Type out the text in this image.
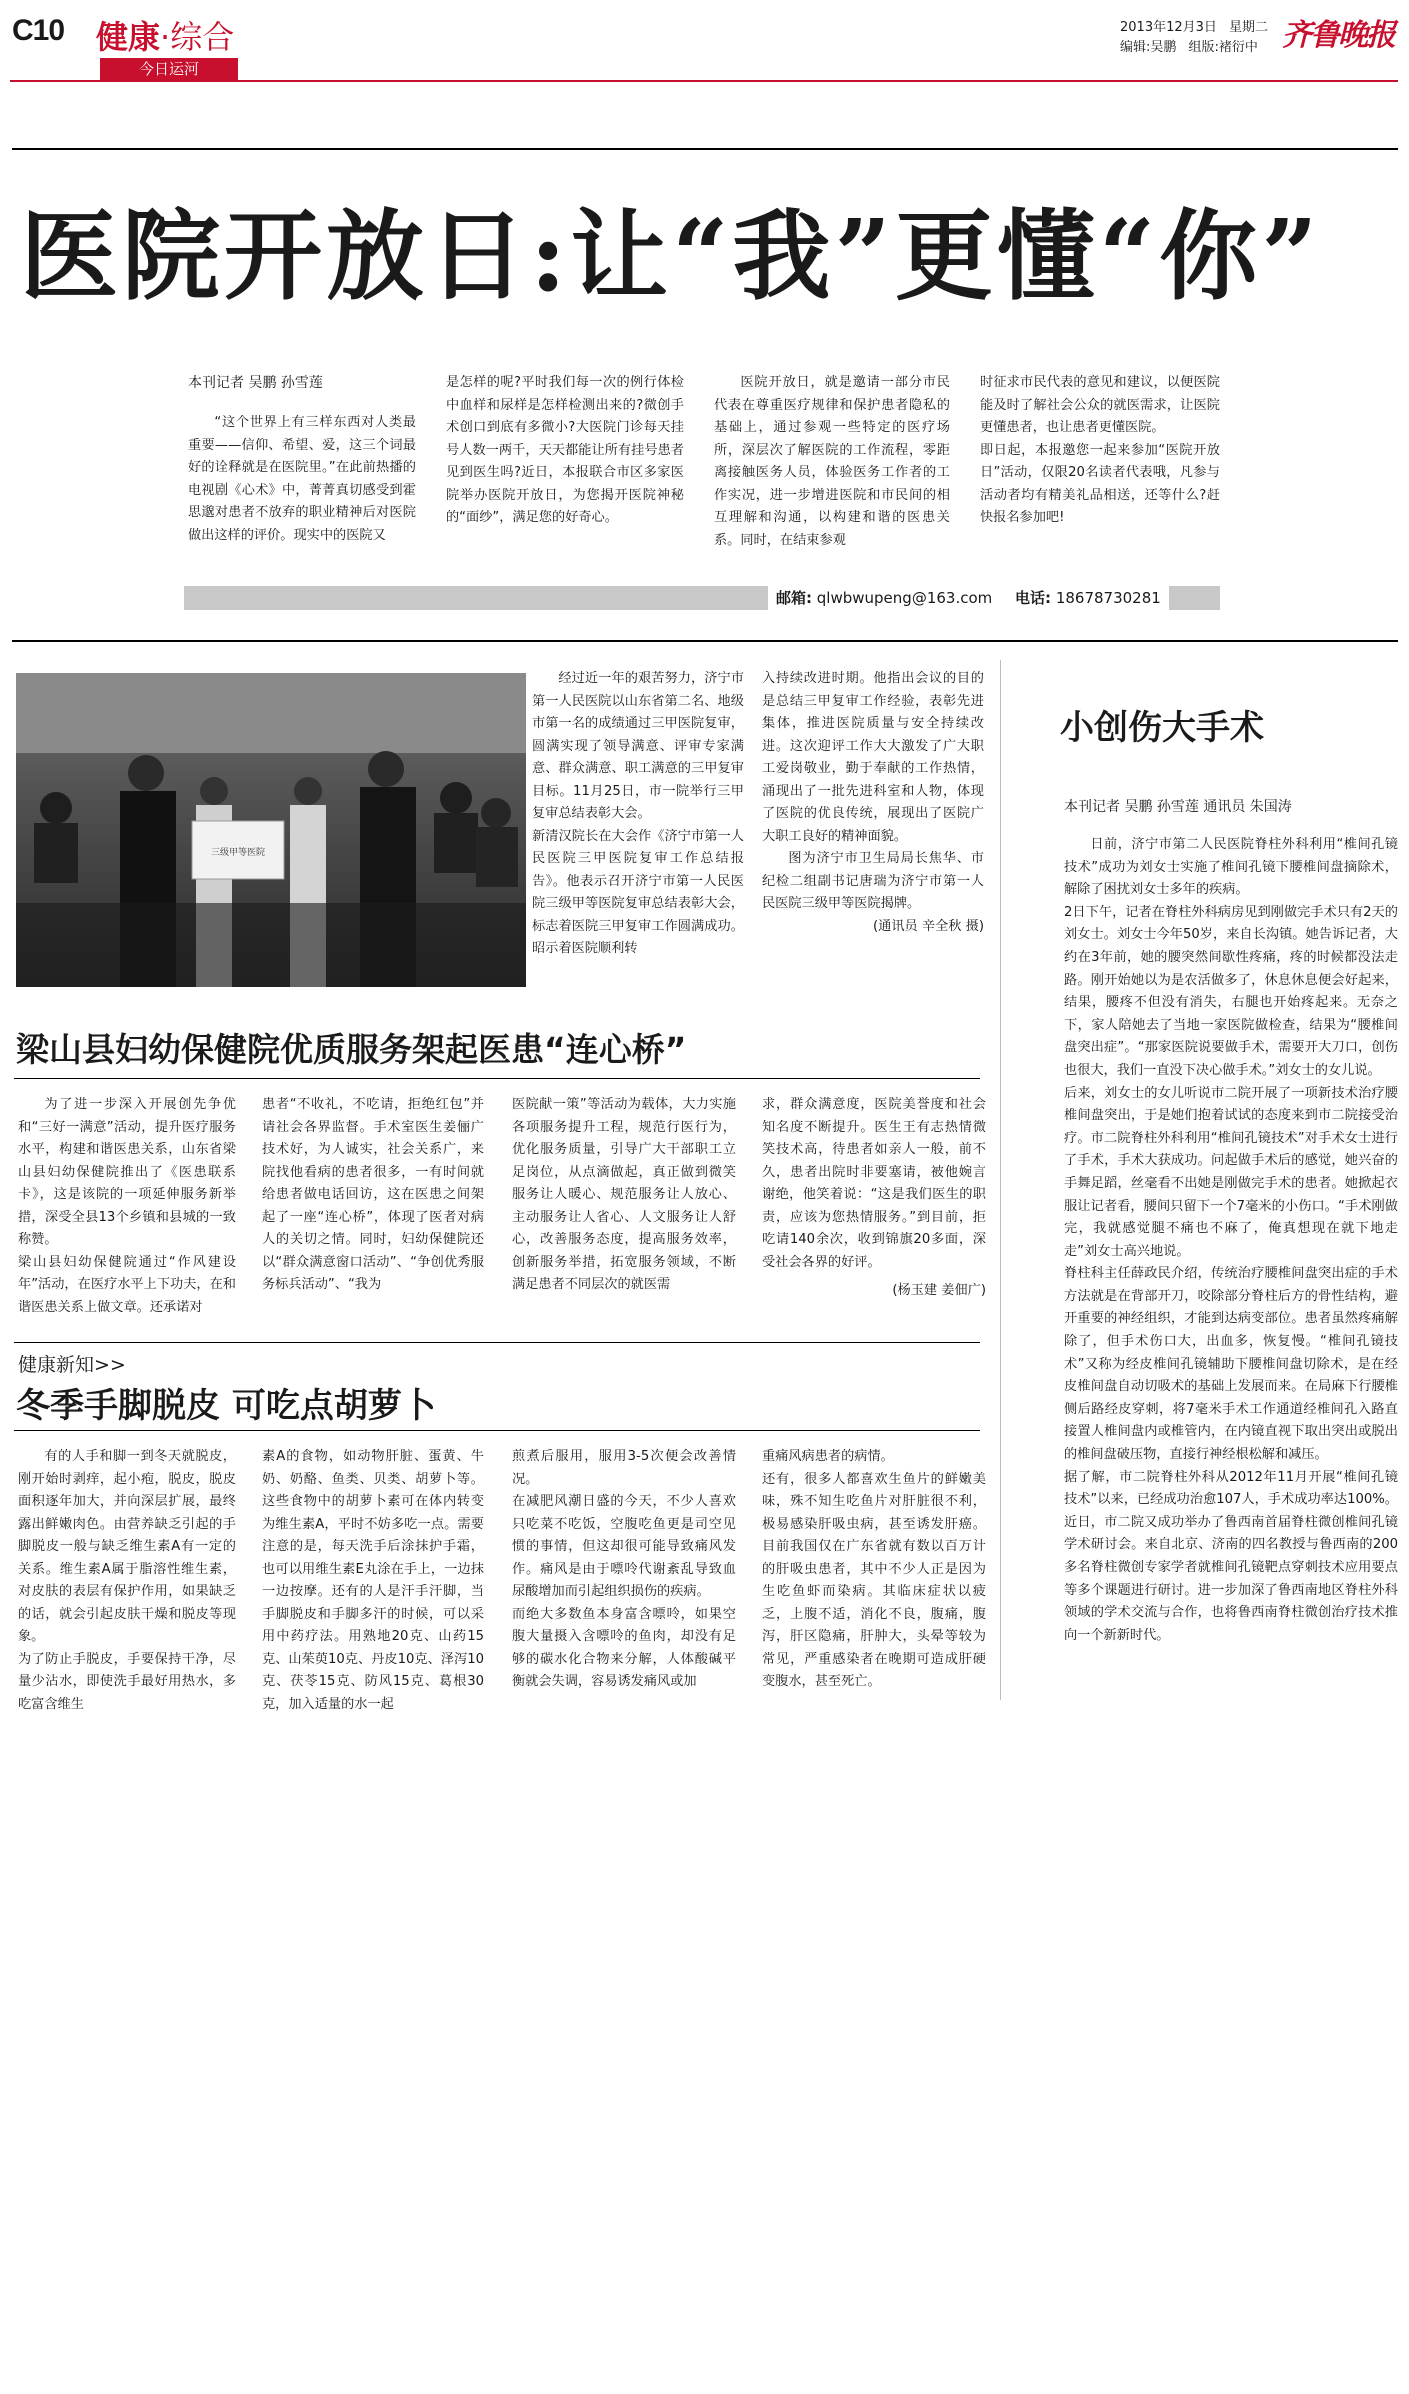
C10 健康·综合
今日运河
2013年12月3日 星期二
编辑:吴鹏 组版:褚衍中 齐鲁晚报
医院开放日:让“我”更懂“你”
本刊记者 吴鹏 孙雪莲
“这个世界上有三样东西对人类最重要——信仰、希望、爱，这三个词最好的诠释就是在医院里。”在此前热播的电视剧《心术》中，菁菁真切感受到霍思邈对患者不放弃的职业精神后对医院做出这样的评价。现实中的医院又
是怎样的呢?平时我们每一次的例行体检中血样和尿样是怎样检测出来的?微创手术创口到底有多微小?大医院门诊每天挂号人数一两千，天天都能让所有挂号患者见到医生吗?近日，本报联合市区多家医院举办医院开放日，为您揭开医院神秘的“面纱”，满足您的好奇心。
医院开放日，就是邀请一部分市民代表在尊重医疗规律和保护患者隐私的基础上，通过参观一些特定的医疗场所，深层次了解医院的工作流程，零距离接触医务人员，体验医务工作者的工作实况，进一步增进医院和市民间的相互理解和沟通，以构建和谐的医患关系。同时，在结束参观
时征求市民代表的意见和建议，以便医院能及时了解社会公众的就医需求，让医院更懂患者，也让患者更懂医院。
即日起，本报邀您一起来参加“医院开放日”活动，仅限20名读者代表哦，凡参与活动者均有精美礼品相送，还等什么?赶快报名参加吧!
邮箱: qlwbwupeng@163.com 电话: 18678730281
三级甲等医院
经过近一年的艰苦努力，济宁市第一人民医院以山东省第二名、地级市第一名的成绩通过三甲医院复审，圆满实现了领导满意、评审专家满意、群众满意、职工满意的三甲复审目标。11月25日，市一院举行三甲复审总结表彰大会。
新清汉院长在大会作《济宁市第一人民医院三甲医院复审工作总结报告》。他表示召开济宁市第一人民医院三级甲等医院复审总结表彰大会，标志着医院三甲复审工作圆满成功。昭示着医院顺利转

入持续改进时期。他指出会议的目的是总结三甲复审工作经验，表彰先进集体，推进医院质量与安全持续改进。这次迎评工作大大激发了广大职工爱岗敬业，勤于奉献的工作热情，涌现出了一批先进科室和人物，体现了医院的优良传统，展现出了医院广大职工良好的精神面貌。

图为济宁市卫生局局长焦华、市纪检二组副书记唐瑞为济宁市第一人民医院三级甲等医院揭牌。

(通讯员 辛全秋 摄)

梁山县妇幼保健院优质服务架起医患“连心桥”
为了进一步深入开展创先争优和“三好一满意”活动，提升医疗服务水平，构建和谐医患关系，山东省梁山县妇幼保健院推出了《医患联系卡》，这是该院的一项延伸服务新举措，深受全县13个乡镇和县城的一致称赞。
梁山县妇幼保健院通过“作风建设年”活动，在医疗水平上下功夫，在和谐医患关系上做文章。还承诺对
患者“不收礼，不吃请，拒绝红包”并请社会各界监督。手术室医生姜俪广技术好，为人诚实，社会关系广，来院找他看病的患者很多，一有时间就给患者做电话回访，这在医患之间架起了一座“连心桥”，体现了医者对病人的关切之情。同时，妇幼保健院还以“群众满意窗口活动”、“争创优秀服务标兵活动”、“我为
医院献一策”等活动为载体，大力实施各项服务提升工程，规范行医行为，优化服务质量，引导广大干部职工立足岗位，从点滴做起，真正做到微笑服务让人暖心、规范服务让人放心、主动服务让人省心、人文服务让人舒心，改善服务态度，提高服务效率，创新服务举措，拓宽服务领域，不断满足患者不同层次的就医需

求，群众满意度，医院美誉度和社会知名度不断提升。医生王有志热情微笑技术高，待患者如亲人一般，前不久，患者出院时非要塞请，被他婉言谢绝，他笑着说：“这是我们医生的职责，应该为您热情服务。”到目前，拒吃请140余次，收到锦旗20多面，深受社会各界的好评。

(杨玉建 姜佃广)

健康新知>>
冬季手脚脱皮 可吃点胡萝卜
有的人手和脚一到冬天就脱皮，刚开始时剥痒，起小疱，脱皮，脱皮面积逐年加大，并向深层扩展，最终露出鲜嫩肉色。由营养缺乏引起的手脚脱皮一般与缺乏维生素A有一定的关系。维生素A属于脂溶性维生素，对皮肤的表层有保护作用，如果缺乏的话，就会引起皮肤干燥和脱皮等现象。
为了防止手脱皮，手要保持干净，尽量少沾水，即使洗手最好用热水，多吃富含维生
素A的食物，如动物肝脏、蛋黄、牛奶、奶酪、鱼类、贝类、胡萝卜等。这些食物中的胡萝卜素可在体内转变为维生素A，平时不妨多吃一点。需要注意的是，每天洗手后涂抹护手霜，也可以用维生素E丸涂在手上，一边抹一边按摩。还有的人是汗手汗脚，当手脚脱皮和手脚多汗的时候，可以采用中药疗法。用熟地20克、山药15克、山茱萸10克、丹皮10克、泽泻10克、茯苓15克、防风15克、葛根30克，加入适量的水一起
煎煮后服用，服用3-5次便会改善情况。
在减肥风潮日盛的今天，不少人喜欢只吃菜不吃饭，空腹吃鱼更是司空见惯的事情，但这却很可能导致痛风发作。痛风是由于嘌呤代谢紊乱导致血尿酸增加而引起组织损伤的疾病。
而绝大多数鱼本身富含嘌呤，如果空腹大量摄入含嘌呤的鱼肉，却没有足够的碳水化合物来分解，人体酸碱平衡就会失调，容易诱发痛风或加
重痛风病患者的病情。
还有，很多人都喜欢生鱼片的鲜嫩美味，殊不知生吃鱼片对肝脏很不利，极易感染肝吸虫病，甚至诱发肝癌。目前我国仅在广东省就有数以百万计的肝吸虫患者，其中不少人正是因为生吃鱼虾而染病。其临床症状以疲乏，上腹不适，消化不良，腹痛，腹泻，肝区隐痛，肝肿大，头晕等较为常见，严重感染者在晚期可造成肝硬变腹水，甚至死亡。
小创伤大手术
本刊记者 吴鹏 孙雪莲 通讯员 朱国涛
日前，济宁市第二人民医院脊柱外科利用“椎间孔镜技术”成功为刘女士实施了椎间孔镜下腰椎间盘摘除术，解除了困扰刘女士多年的疾病。
2日下午，记者在脊柱外科病房见到刚做完手术只有2天的刘女士。刘女士今年50岁，来自长沟镇。她告诉记者，大约在3年前，她的腰突然间歇性疼痛，疼的时候都没法走路。刚开始她以为是农活做多了，休息休息便会好起来，结果，腰疼不但没有消失，右腿也开始疼起来。无奈之下，家人陪她去了当地一家医院做检查，结果为“腰椎间盘突出症”。“那家医院说要做手术，需要开大刀口，创伤也很大，我们一直没下决心做手术。”刘女士的女儿说。
后来，刘女士的女儿听说市二院开展了一项新技术治疗腰椎间盘突出，于是她们抱着试试的态度来到市二院接受治疗。市二院脊柱外科利用“椎间孔镜技术”对手术女士进行了手术，手术大获成功。问起做手术后的感觉，她兴奋的手舞足蹈，丝毫看不出她是刚做完手术的患者。她掀起衣服让记者看，腰间只留下一个7毫米的小伤口。“手术刚做完，我就感觉腿不痛也不麻了，俺真想现在就下地走走”刘女士高兴地说。
脊柱科主任薛政民介绍，传统治疗腰椎间盘突出症的手术方法就是在背部开刀，咬除部分脊柱后方的骨性结构，避开重要的神经组织，才能到达病变部位。患者虽然疼痛解除了，但手术伤口大，出血多，恢复慢。“椎间孔镜技术”又称为经皮椎间孔镜辅助下腰椎间盘切除术，是在经皮椎间盘自动切吸术的基础上发展而来。在局麻下行腰椎侧后路经皮穿刺，将7毫米手术工作通道经椎间孔入路直接置人椎间盘内或椎管内，在内镜直视下取出突出或脱出的椎间盘破压物，直接行神经根松解和减压。
据了解，市二院脊柱外科从2012年11月开展“椎间孔镜技术”以来，已经成功治愈107人，手术成功率达100%。近日，市二院又成功举办了鲁西南首届脊柱微创椎间孔镜学术研讨会。来自北京、济南的四名教授与鲁西南的200多名脊柱微创专家学者就椎间孔镜靶点穿刺技术应用要点等多个课题进行研讨。进一步加深了鲁西南地区脊柱外科领域的学术交流与合作，也将鲁西南脊柱微创治疗技术推向一个新新时代。
